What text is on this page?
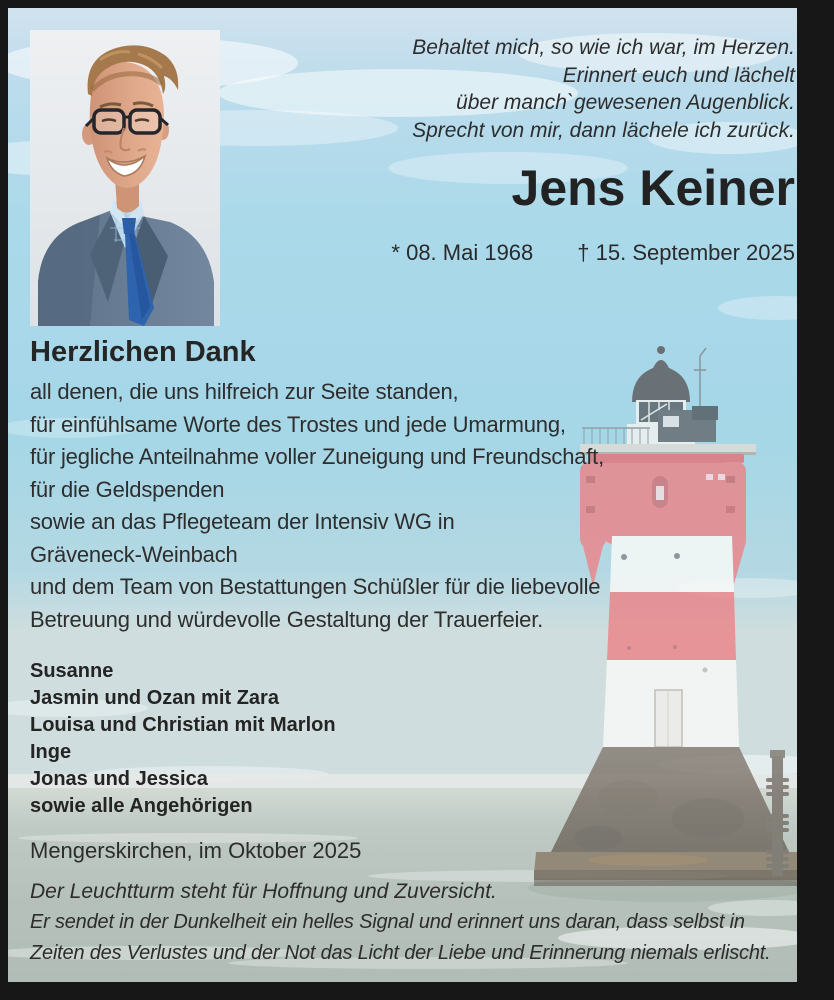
Behaltet mich, so wie ich war, im Herzen.
Erinnert euch und lächelt
über manch`gewesenen Augenblick.
Sprecht von mir, dann lächele ich zurück.
Jens Keiner
* 08. Mai 1968 † 15. September 2025
Herzlichen Dank
all denen, die uns hilfreich zur Seite standen,
für einfühlsame Worte des Trostes und jede Umarmung,
für jegliche Anteilnahme voller Zuneigung und Freundschaft,
für die Geldspenden
sowie an das Pflegeteam der Intensiv WG in
Gräveneck-Weinbach
und dem Team von Bestattungen Schüßler für die liebevolle
Betreuung und würdevolle Gestaltung der Trauerfeier.
Susanne
Jasmin und Ozan mit Zara
Louisa und Christian mit Marlon
Inge
Jonas und Jessica
sowie alle Angehörigen
Mengerskirchen, im Oktober 2025
Der Leuchtturm steht für Hoffnung und Zuversicht.
Er sendet in der Dunkelheit ein helles Signal und erinnert uns daran, dass selbst in
Zeiten des Verlustes und der Not das Licht der Liebe und Erinnerung niemals erlischt.
